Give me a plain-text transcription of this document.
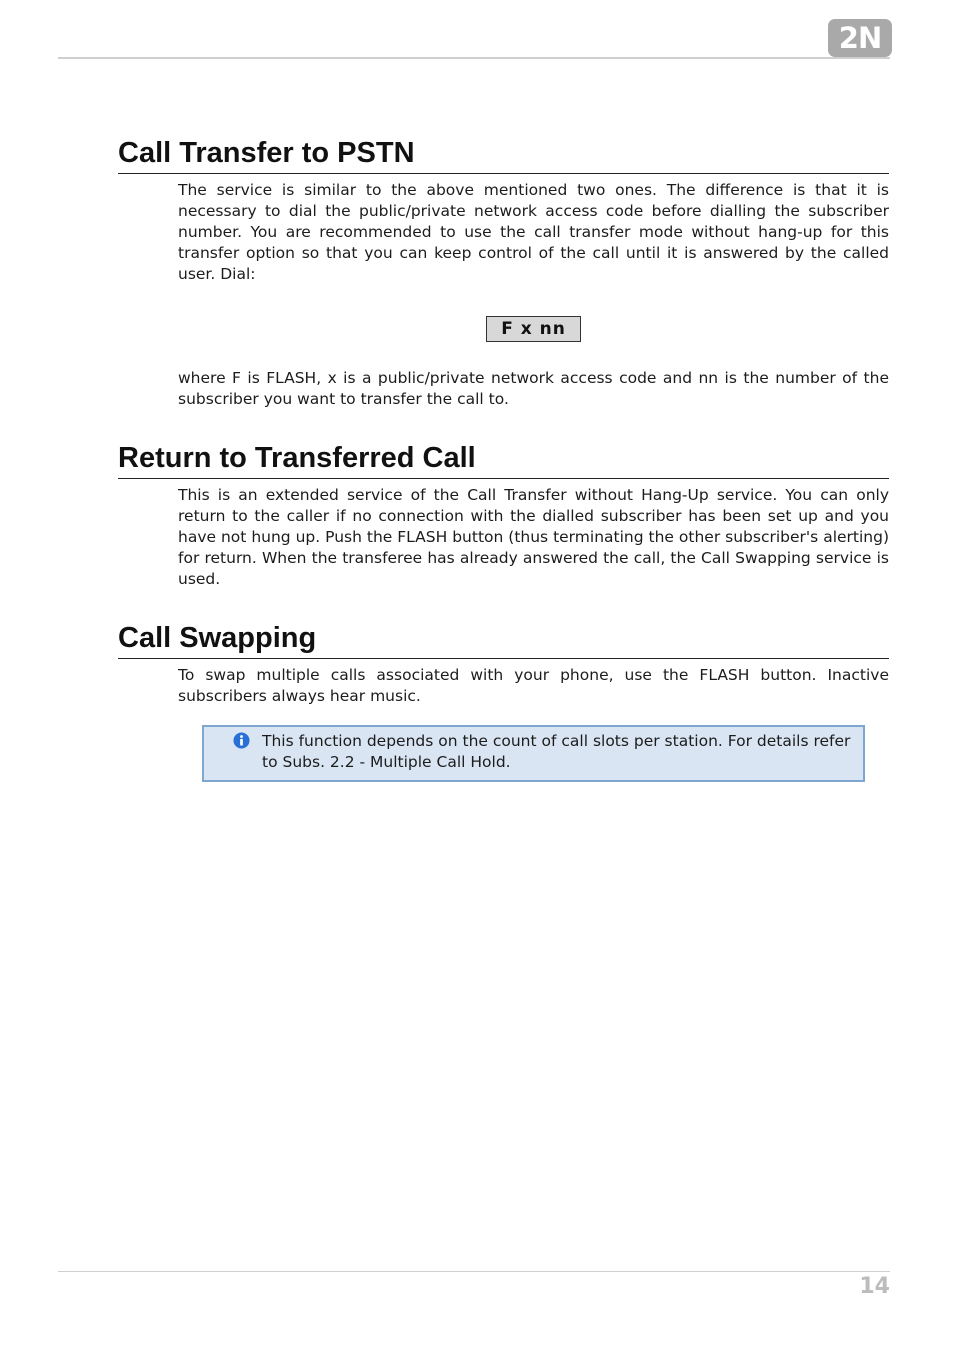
2N
Call Transfer to PSTN

The service is similar to the above mentioned two ones. The difference is that it is necessary to dial the public/private network access code before dialling the subscriber number. You are recommended to use the call transfer mode without hang-up for this transfer option so that you can keep control of the call until it is answered by the called user. Dial:

F x nn

where F is FLASH, x is a public/private network access code and nn is the number of the subscriber you want to transfer the call to.

Return to Transferred Call

This is an extended service of the Call Transfer without Hang-Up service. You can only return to the caller if no connection with the dialled subscriber has been set up and you have not hung up. Push the FLASH button (thus terminating the other subscriber's alerting) for return. When the transferee has already answered the call, the Call Swapping service is used.

Call Swapping

To swap multiple calls associated with your phone, use the FLASH button. Inactive subscribers always hear music.

This function depends on the count of call slots per station. For details refer to Subs. 2.2 - Multiple Call Hold.
14
